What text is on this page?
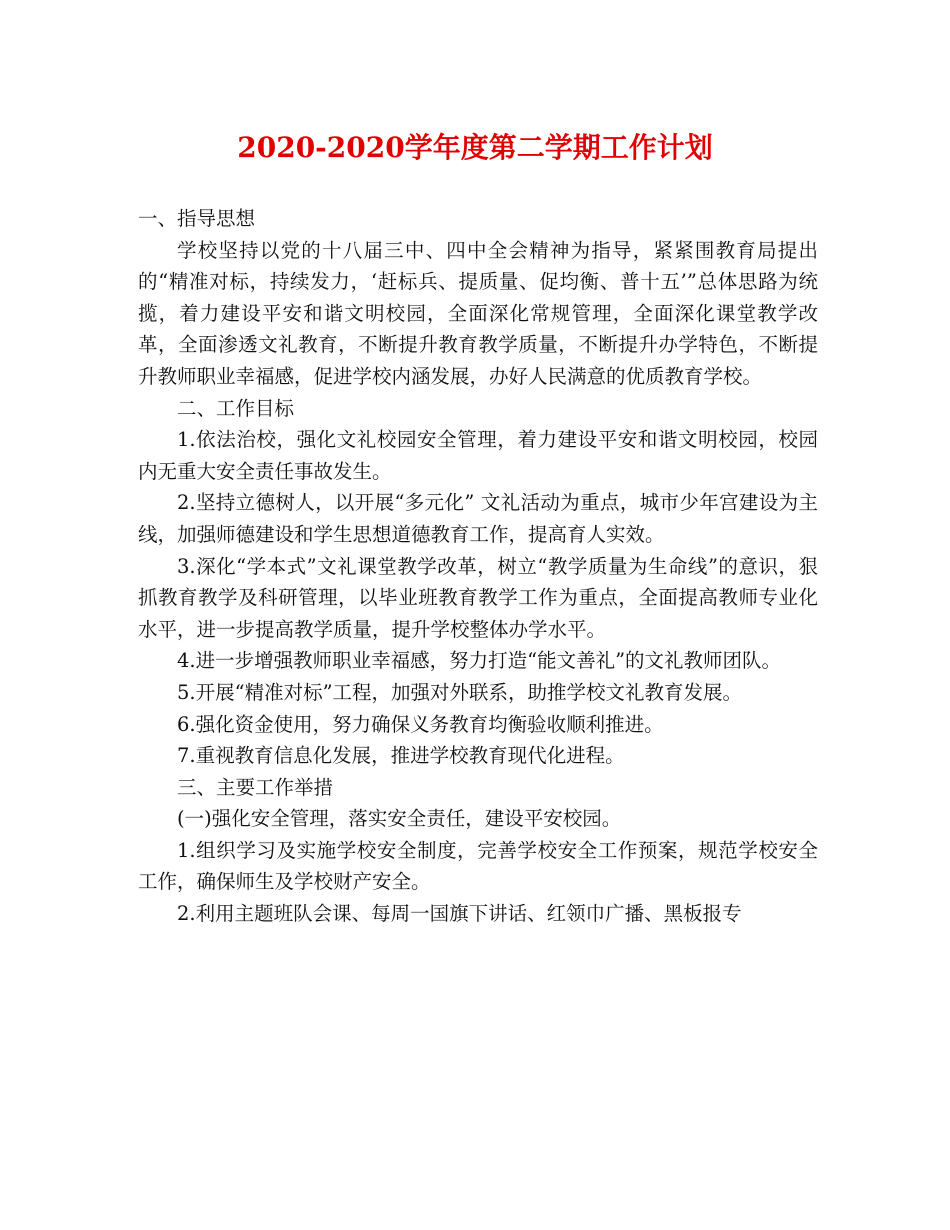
2020-2020学年度第二学期工作计划

一、指导思想

学校坚持以党的十八届三中、四中全会精神为指导，紧紧围教育局提出的“精准对标，持续发力，‘赶标兵、提质量、促均衡、普十五’”总体思路为统揽，着力建设平安和谐文明校园，全面深化常规管理，全面深化课堂教学改革，全面渗透文礼教育，不断提升教育教学质量，不断提升办学特色，不断提升教师职业幸福感，促进学校内涵发展，办好人民满意的优质教育学校。

二、工作目标

1.依法治校，强化文礼校园安全管理，着力建设平安和谐文明校园，校园内无重大安全责任事故发生。

2.坚持立德树人，以开展“多元化” 文礼活动为重点，城市少年宫建设为主线，加强师德建设和学生思想道德教育工作，提高育人实效。

3.深化“学本式”文礼课堂教学改革，树立“教学质量为生命线”的意识，狠抓教育教学及科研管理，以毕业班教育教学工作为重点，全面提高教师专业化水平，进一步提高教学质量，提升学校整体办学水平。

4.进一步增强教师职业幸福感，努力打造“能文善礼”的文礼教师团队。

5.开展“精准对标”工程，加强对外联系，助推学校文礼教育发展。

6.强化资金使用，努力确保义务教育均衡验收顺利推进。

7.重视教育信息化发展，推进学校教育现代化进程。

三、主要工作举措

(一)强化安全管理，落实安全责任，建设平安校园。

1.组织学习及实施学校安全制度，完善学校安全工作预案，规范学校安全工作，确保师生及学校财产安全。

2.利用主题班队会课、每周一国旗下讲话、红领巾广播、黑板报专
